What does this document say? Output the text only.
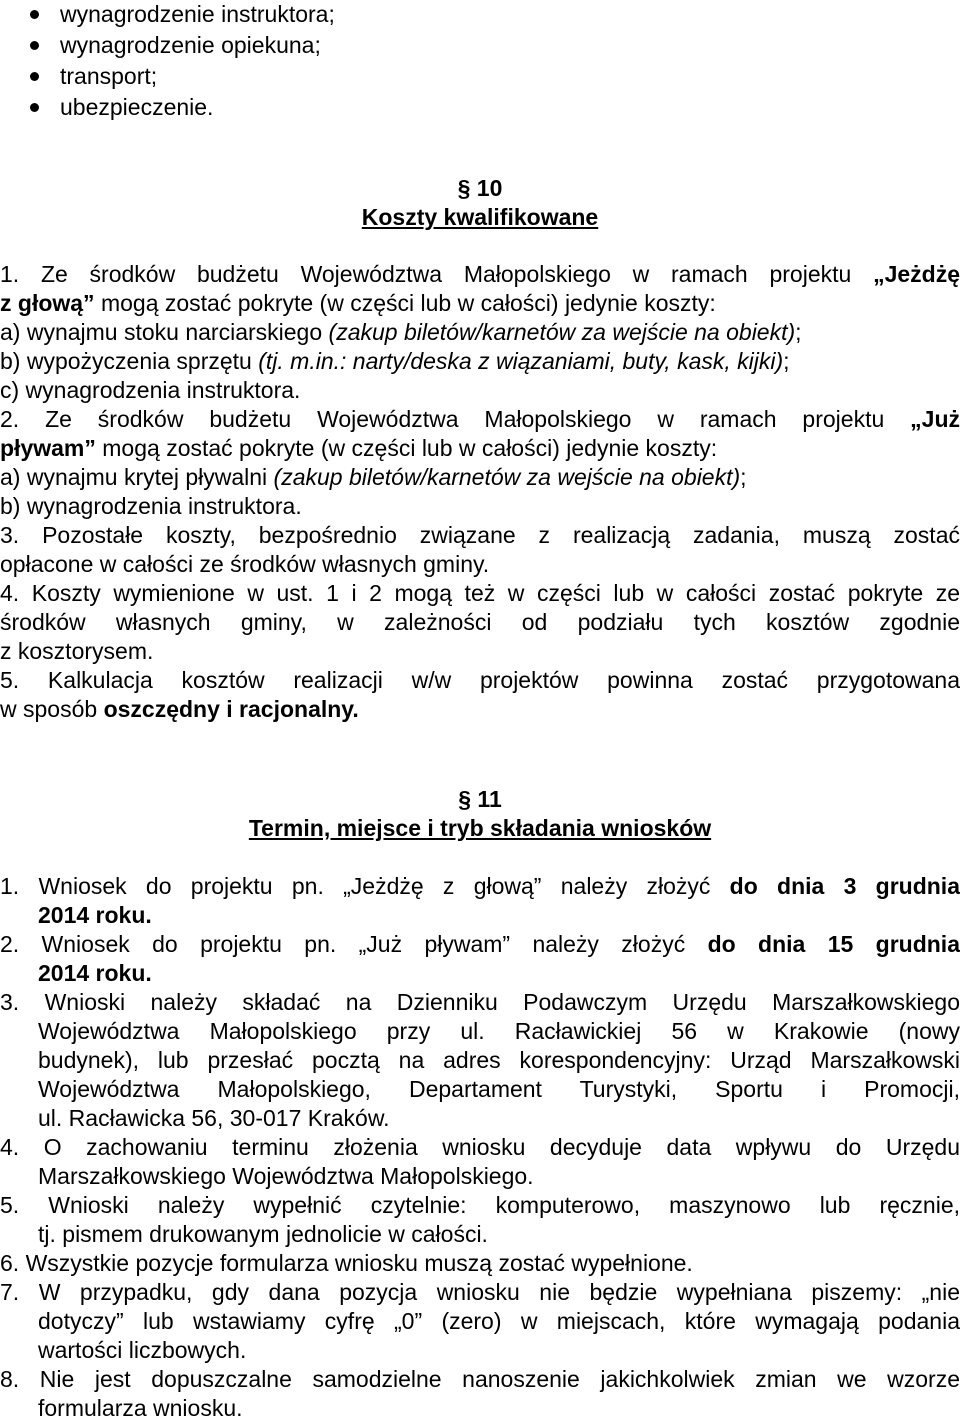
wynagrodzenie instruktora;
wynagrodzenie opiekuna;
transport;
ubezpieczenie.
§ 10
Koszty kwalifikowane
1. Ze środków budżetu Województwa Małopolskiego w ramach projektu „Jeżdżę
z głową” mogą zostać pokryte (w części lub w całości) jedynie koszty:
a) wynajmu stoku narciarskiego (zakup biletów/karnetów za wejście na obiekt);
b) wypożyczenia sprzętu (tj. m.in.: narty/deska z wiązaniami, buty, kask, kijki);
c) wynagrodzenia instruktora.
2. Ze środków budżetu Województwa Małopolskiego w ramach projektu „Już
pływam” mogą zostać pokryte (w części lub w całości) jedynie koszty:
a) wynajmu krytej pływalni (zakup biletów/karnetów za wejście na obiekt);
b) wynagrodzenia instruktora.
3. Pozostałe koszty, bezpośrednio związane z realizacją zadania, muszą zostać
opłacone w całości ze środków własnych gminy.
4. Koszty wymienione w ust. 1 i 2 mogą też w części lub w całości zostać pokryte ze
środków własnych gminy, w zależności od podziału tych kosztów zgodnie
z kosztorysem.
5. Kalkulacja kosztów realizacji w/w projektów powinna zostać przygotowana
w sposób oszczędny i racjonalny.
§ 11
Termin, miejsce i tryb składania wniosków
1. Wniosek do projektu pn. „Jeżdżę z głową” należy złożyć do dnia 3 grudnia
2014 roku.
2. Wniosek do projektu pn. „Już pływam” należy złożyć do dnia 15 grudnia
2014 roku.
3. Wnioski należy składać na Dzienniku Podawczym Urzędu Marszałkowskiego
Województwa Małopolskiego przy ul. Racławickiej 56 w Krakowie (nowy
budynek), lub przesłać pocztą na adres korespondencyjny: Urząd Marszałkowski
Województwa Małopolskiego, Departament Turystyki, Sportu i Promocji,
ul. Racławicka 56, 30-017 Kraków.
4. O zachowaniu terminu złożenia wniosku decyduje data wpływu do Urzędu
Marszałkowskiego Województwa Małopolskiego.
5. Wnioski należy wypełnić czytelnie: komputerowo, maszynowo lub ręcznie,
tj. pismem drukowanym jednolicie w całości.
6. Wszystkie pozycje formularza wniosku muszą zostać wypełnione.
7. W przypadku, gdy dana pozycja wniosku nie będzie wypełniana piszemy: „nie
dotyczy” lub wstawiamy cyfrę „0” (zero) w miejscach, które wymagają podania
wartości liczbowych.
8. Nie jest dopuszczalne samodzielne nanoszenie jakichkolwiek zmian we wzorze
formularza wniosku.
